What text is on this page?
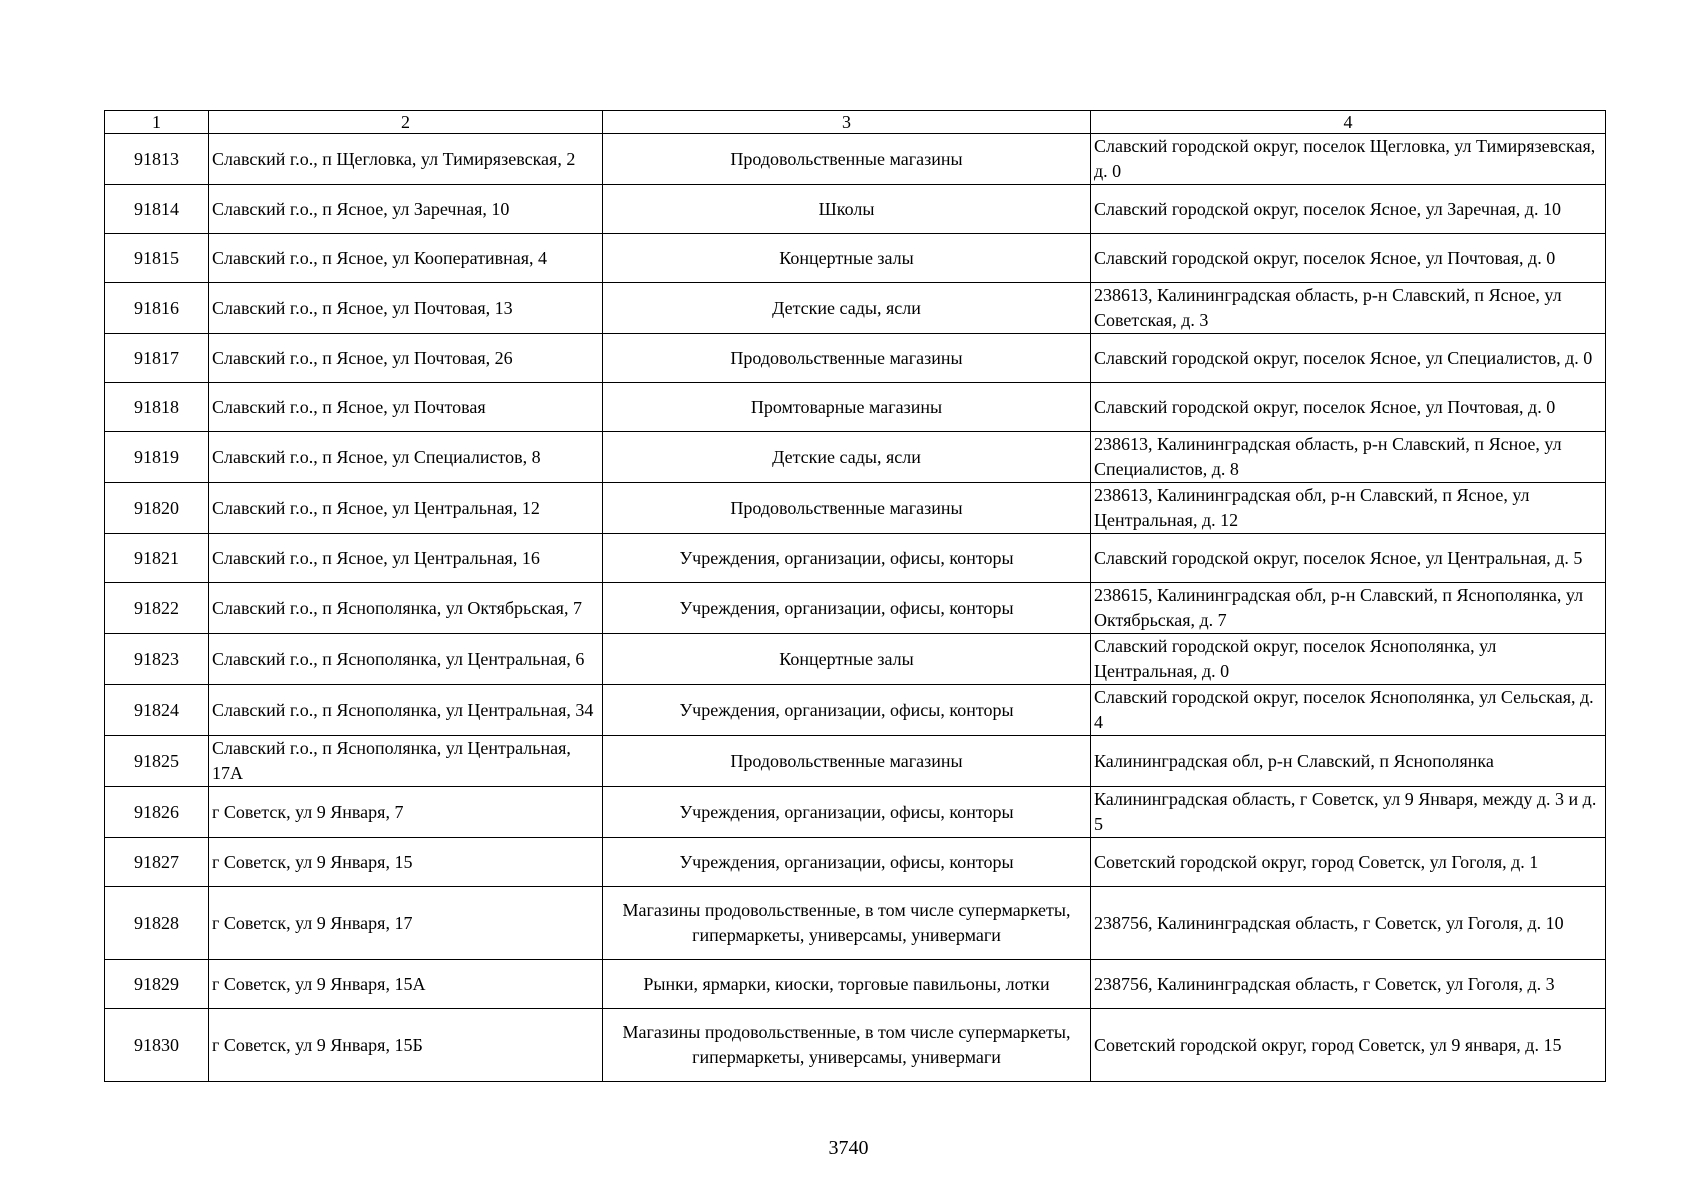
1	2	3	4
91813	Славский г.о., п Щегловка, ул Тимирязевская, 2	Продовольственные магазины	Славский городской округ, поселок Щегловка, ул Тимирязевская, д. 0
91814	Славский г.о., п Ясное, ул Заречная, 10	Школы	Славский городской округ, поселок Ясное, ул Заречная, д. 10
91815	Славский г.о., п Ясное, ул Кооперативная, 4	Концертные залы	Славский городской округ, поселок Ясное, ул Почтовая, д. 0
91816	Славский г.о., п Ясное, ул Почтовая, 13	Детские сады, ясли	238613, Калининградская область, р-н Славский, п Ясное, ул Советская, д. 3
91817	Славский г.о., п Ясное, ул Почтовая, 26	Продовольственные магазины	Славский городской округ, поселок Ясное, ул Специалистов, д. 0
91818	Славский г.о., п Ясное, ул Почтовая	Промтоварные магазины	Славский городской округ, поселок Ясное, ул Почтовая, д. 0
91819	Славский г.о., п Ясное, ул Специалистов, 8	Детские сады, ясли	238613, Калининградская область, р-н Славский, п Ясное, ул Специалистов, д. 8
91820	Славский г.о., п Ясное, ул Центральная, 12	Продовольственные магазины	238613, Калининградская обл, р-н Славский, п Ясное, ул Центральная, д. 12
91821	Славский г.о., п Ясное, ул Центральная, 16	Учреждения, организации, офисы, конторы	Славский городской округ, поселок Ясное, ул Центральная, д. 5
91822	Славский г.о., п Яснополянка, ул Октябрьская, 7	Учреждения, организации, офисы, конторы	238615, Калининградская обл, р-н Славский, п Яснополянка, ул Октябрьская, д. 7
91823	Славский г.о., п Яснополянка, ул Центральная, 6	Концертные залы	Славский городской округ, поселок Яснополянка, ул Центральная, д. 0
91824	Славский г.о., п Яснополянка, ул Центральная, 34	Учреждения, организации, офисы, конторы	Славский городской округ, поселок Яснополянка, ул Сельская, д. 4
91825	Славский г.о., п Яснополянка, ул Центральная, 17А	Продовольственные магазины	Калининградская обл, р-н Славский, п Яснополянка
91826	г Советск, ул 9 Января, 7	Учреждения, организации, офисы, конторы	Калининградская область, г Советск, ул 9 Января, между д. 3 и д. 5
91827	г Советск, ул 9 Января, 15	Учреждения, организации, офисы, конторы	Советский городской округ, город Советск, ул Гоголя, д. 1
91828	г Советск, ул 9 Января, 17	Магазины продовольственные, в том числе супермаркеты, гипермаркеты, универсамы, универмаги	238756, Калининградская область, г Советск, ул Гоголя, д. 10
91829	г Советск, ул 9 Января, 15А	Рынки, ярмарки, киоски, торговые павильоны, лотки	238756, Калининградская область, г Советск, ул Гоголя, д. 3
91830	г Советск, ул 9 Января, 15Б	Магазины продовольственные, в том числе супермаркеты, гипермаркеты, универсамы, универмаги	Советский городской округ, город Советск, ул 9 января, д. 15
3740
